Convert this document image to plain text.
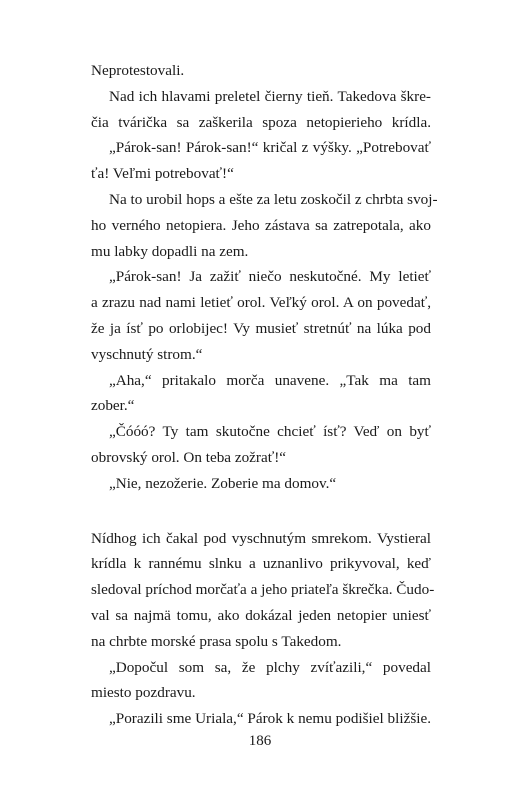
Neprotestovali.
Nad ich hlavami preletel čierny tieň. Takedova škre-
čia tvárička sa zaškerila spoza netopierieho krídla.
„Párok-san! Párok-san!“ kričal z výšky. „Potrebovať
ťa! Veľmi potrebovať!“
Na to urobil hops a ešte za letu zoskočil z chrbta svoj-
ho verného netopiera. Jeho zástava sa zatrepotala, ako
mu labky dopadli na zem.
„Párok-san! Ja zažiť niečo neskutočné. My letieť
a zrazu nad nami letieť orol. Veľký orol. A on povedať,
že ja ísť po orlobijec! Vy musieť stretnúť na lúka pod
vyschnutý strom.“
„Aha,“ pritakalo morča unavene. „Tak ma tam
zober.“
„Čóóó? Ty tam skutočne chcieť ísť? Veď on byť
obrovský orol. On teba zožrať!“
„Nie, nezožerie. Zoberie ma domov.“
Nídhog ich čakal pod vyschnutým smrekom. Vystieral
krídla k rannému slnku a uznanlivo prikyvoval, keď
sledoval príchod morčaťa a jeho priateľa škrečka. Čudo-
val sa najmä tomu, ako dokázal jeden netopier uniesť
na chrbte morské prasa spolu s Takedom.
„Dopočul som sa, že plchy zvíťazili,“ povedal
miesto pozdravu.
„Porazili sme Uriala,“ Párok k nemu podišiel bližšie.
186
